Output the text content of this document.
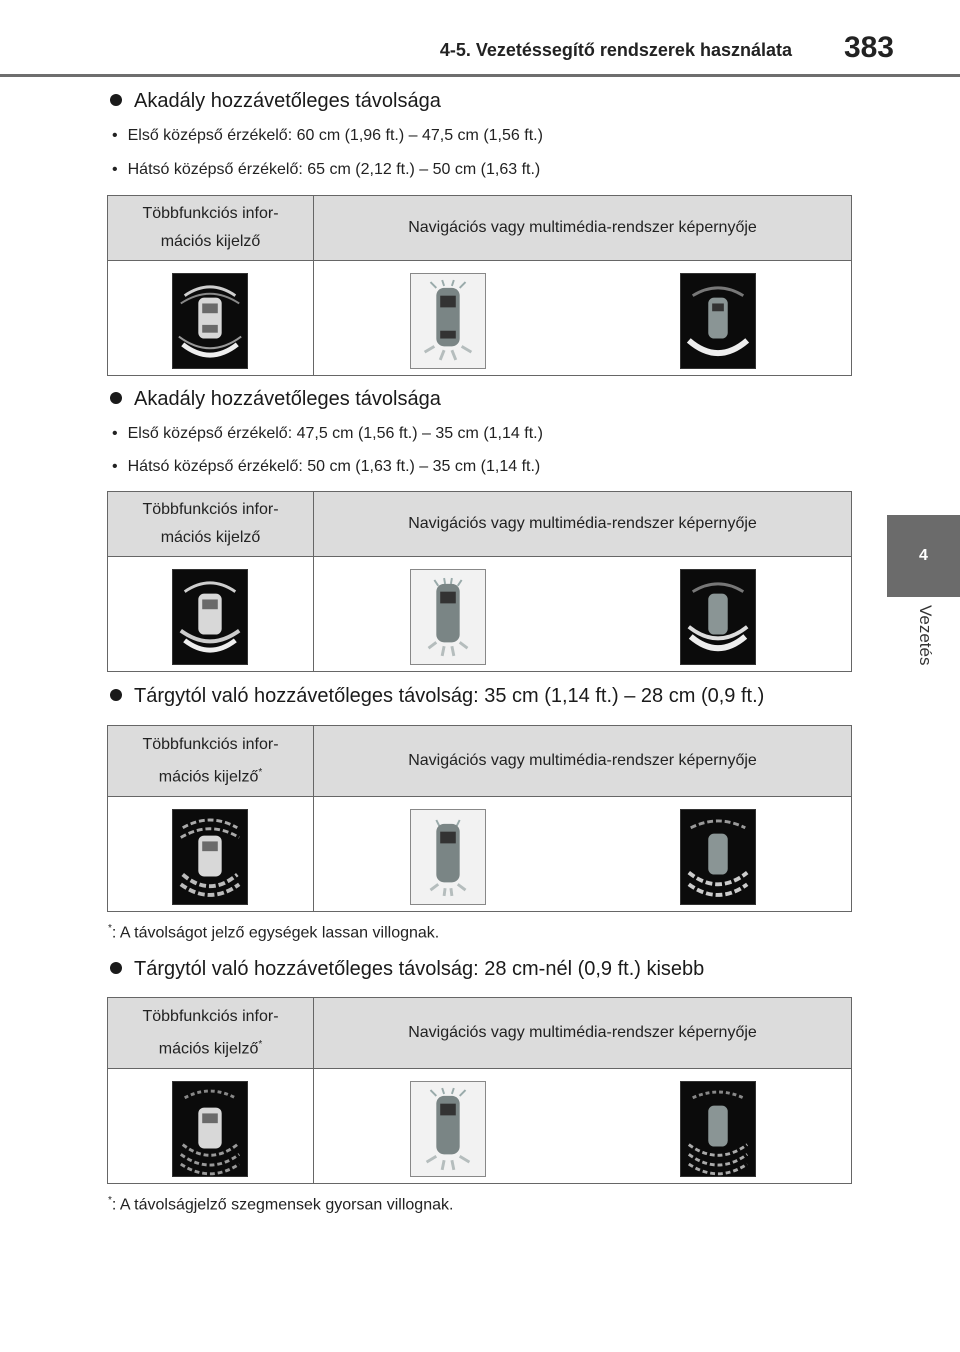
4-5. Vezetéssegítő rendszerek használata	383
4
Vezetés
Akadály hozzávetőleges távolsága
• Első középső érzékelő: 60 cm (1,96 ft.) – 47,5 cm (1,56 ft.)
• Hátsó középső érzékelő: 65 cm (2,12 ft.) – 50 cm (1,63 ft.)
Többfunkciós infor-
mációs kijelző
Navigációs vagy multimédia-rendszer képernyője
Akadály hozzávetőleges távolsága
• Első középső érzékelő: 47,5 cm (1,56 ft.) – 35 cm (1,14 ft.)
• Hátsó középső érzékelő: 50 cm (1,63 ft.) – 35 cm (1,14 ft.)
Többfunkciós infor-
mációs kijelző
Navigációs vagy multimédia-rendszer képernyője
Tárgytól való hozzávetőleges távolság: 35 cm (1,14 ft.) – 28 cm (0,9 ft.)
Többfunkciós infor-
mációs kijelző*
Navigációs vagy multimédia-rendszer képernyője
*: A távolságot jelző egységek lassan villognak.
Tárgytól való hozzávetőleges távolság: 28 cm-nél (0,9 ft.) kisebb
Többfunkciós infor-
mációs kijelző*
Navigációs vagy multimédia-rendszer képernyője
*: A távolságjelző szegmensek gyorsan villognak.
